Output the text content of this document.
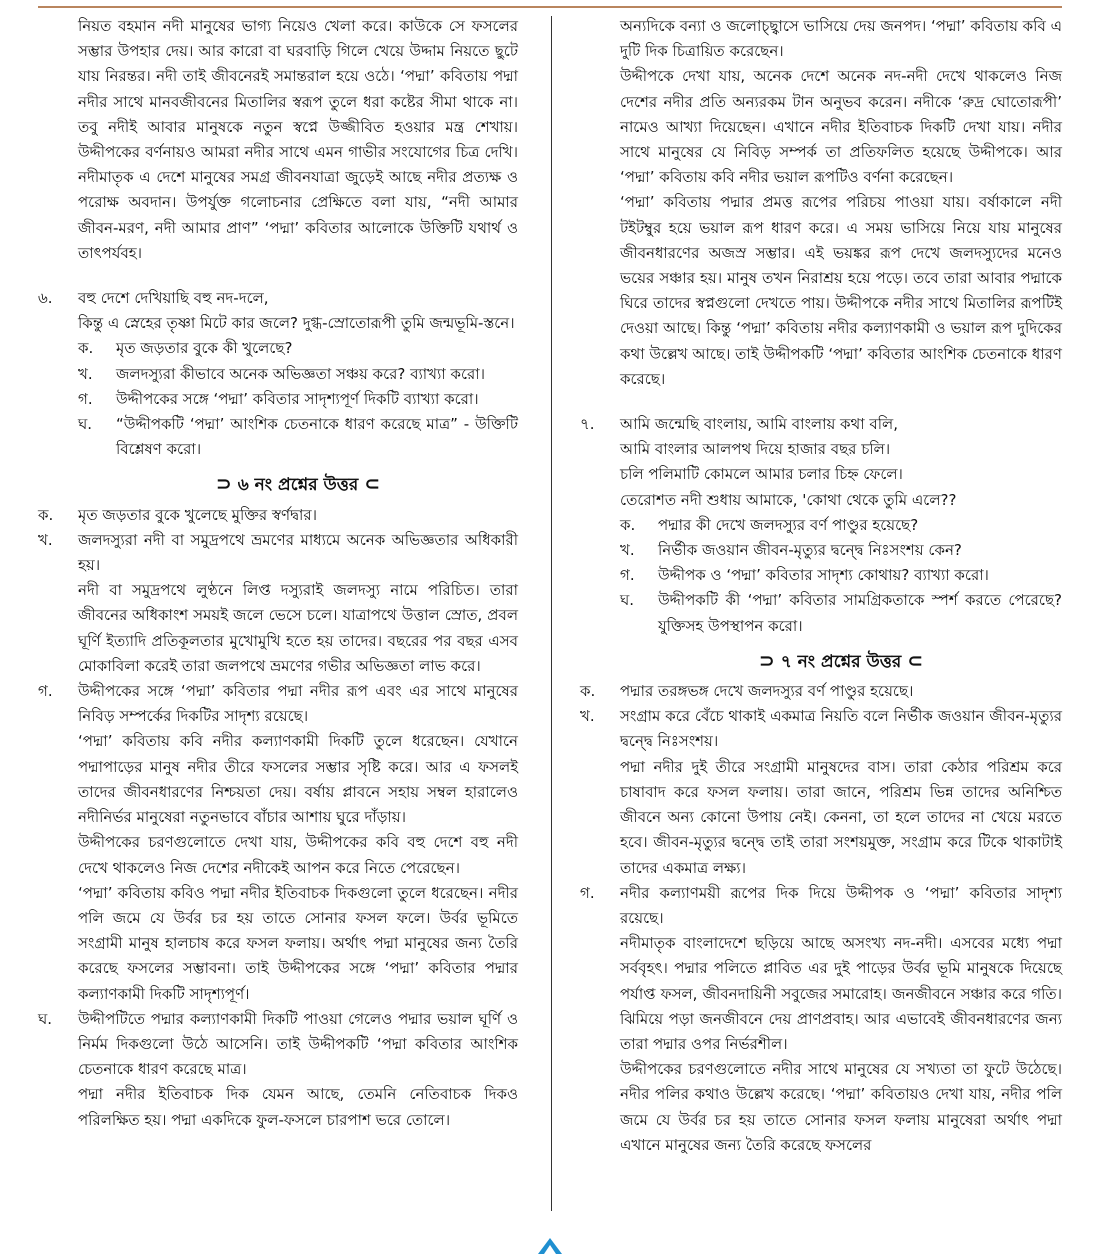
নিয়ত বহমান নদী মানুষের ভাগ্য নিয়েও খেলা করে। কাউকে সে ফসলের সম্ভার উপহার দেয়। আর কারো বা ঘরবাড়ি গিলে খেয়ে উদ্দাম নিয়তে ছুটে যায় নিরন্তর। নদী তাই জীবনেরই সমান্তরাল হয়ে ওঠে। ‘পদ্মা’ কবিতায় পদ্মা নদীর সাথে মানবজীবনের মিতালির স্বরূপ তুলে ধরা কষ্টের সীমা থাকে না। তবু নদীই আবার মানুষকে নতুন স্বপ্নে উজ্জীবিত হওয়ার মন্ত্র শেখায়। উদ্দীপকের বর্ণনায়ও আমরা নদীর সাথে এমন গাভীর সংযোগের চিত্র দেখি। নদীমাতৃক এ দেশে মানুষের সমগ্র জীবনযাত্রা জুড়েই আছে নদীর প্রত্যক্ষ ও পরোক্ষ অবদান। উপর্যুক্ত গলোচনার প্রেক্ষিতে বলা যায়, “নদী আমার জীবন-মরণ, নদী আমার প্রাণ” ‘পদ্মা’ কবিতার আলোকে উক্তিটি যথার্থ ও তাৎপর্যবহ।

৬.	বহু দেশে দেখিয়াছি বহু নদ-দলে,

কিন্তু এ স্নেহের তৃষ্ণা মিটে কার জলে? দুগ্ধ-স্রোতোরূপী তুমি জন্মভূমি-স্তনে।

ক.	মৃত জড়তার বুকে কী খুলেছে?
খ.	জলদস্যুরা কীভাবে অনেক অভিজ্ঞতা সঞ্চয় করে? ব্যাখ্যা করো।
গ.	উদ্দীপকের সঙ্গে ‘পদ্মা’ কবিতার সাদৃশ্যপূর্ণ দিকটি ব্যাখ্যা করো।
ঘ.	“উদ্দীপকটি ‘পদ্মা’ আংশিক চেতনাকে ধারণ করেছে মাত্র” - উক্তিটি বিশ্লেষণ করো।
⊃ ৬ নং প্রশ্নের উত্তর ⊂
ক.	মৃত জড়তার বুকে খুলেছে মুক্তির স্বর্ণদ্বার।
খ.	জলদস্যুরা নদী বা সমুদ্রপথে ভ্রমণের মাধ্যমে অনেক অভিজ্ঞতার অধিকারী হয়।

নদী বা সমুদ্রপথে লুণ্ঠনে লিপ্ত দস্যুরাই জলদস্যু নামে পরিচিত। তারা জীবনের অধিকাংশ সময়ই জলে ভেসে চলে। যাত্রাপথে উত্তাল স্রোত, প্রবল ঘূর্ণি ইত্যাদি প্রতিকূলতার মুখোমুখি হতে হয় তাদের। বছরের পর বছর এসব মোকাবিলা করেই তারা জলপথে ভ্রমণের গভীর অভিজ্ঞতা লাভ করে।

গ.	উদ্দীপকের সঙ্গে ‘পদ্মা’ কবিতার পদ্মা নদীর রূপ এবং এর সাথে মানুষের নিবিড় সম্পর্কের দিকটির সাদৃশ্য রয়েছে।

‘পদ্মা’ কবিতায় কবি নদীর কল্যাণকামী দিকটি তুলে ধরেছেন। যেখানে পদ্মাপাড়ের মানুষ নদীর তীরে ফসলের সম্ভার সৃষ্টি করে। আর এ ফসলই তাদের জীবনধারণের নিশ্চয়তা দেয়। বর্ষায় প্লাবনে সহায় সম্বল হারালেও নদীনির্ভর মানুষেরা নতুনভাবে বাঁচার আশায় ঘুরে দাঁড়ায়।

উদ্দীপকের চরণগুলোতে দেখা যায়, উদ্দীপকের কবি বহু দেশে বহু নদী দেখে থাকলেও নিজ দেশের নদীকেই আপন করে নিতে পেরেছেন।

‘পদ্মা’ কবিতায় কবিও পদ্মা নদীর ইতিবাচক দিকগুলো তুলে ধরেছেন। নদীর পলি জমে যে উর্বর চর হয় তাতে সোনার ফসল ফলে। উর্বর ভূমিতে সংগ্রামী মানুষ হালচাষ করে ফসল ফলায়। অর্থাৎ পদ্মা মানুষের জন্য তৈরি করেছে ফসলের সম্ভাবনা। তাই উদ্দীপকের সঙ্গে ‘পদ্মা’ কবিতার পদ্মার কল্যাণকামী দিকটি সাদৃশ্যপূর্ণ।

ঘ.	উদ্দীপটিতে পদ্মার কল্যাণকামী দিকটি পাওয়া গেলেও পদ্মার ভয়াল ঘূর্ণি ও নির্মম দিকগুলো উঠে আসেনি। তাই উদ্দীপকটি ‘পদ্মা কবিতার আংশিক চেতনাকে ধারণ করেছে মাত্র।

পদ্মা নদীর ইতিবাচক দিক যেমন আছে, তেমনি নেতিবাচক দিকও পরিলক্ষিত হয়। পদ্মা একদিকে ফুল-ফসলে চারপাশ ভরে তোলে।

অন্যদিকে বন্যা ও জলোচ্ছ্বাসে ভাসিয়ে দেয় জনপদ। ‘পদ্মা’ কবিতায় কবি এ দুটি দিক চিত্রায়িত করেছেন।

উদ্দীপকে দেখা যায়, অনেক দেশে অনেক নদ-নদী দেখে থাকলেও নিজ দেশের নদীর প্রতি অন্যরকম টান অনুভব করেন। নদীকে ‘রুদ্র ঘোতোরূপী’ নামেও আখ্যা দিয়েছেন। এখানে নদীর ইতিবাচক দিকটি দেখা যায়। নদীর সাথে মানুষের যে নিবিড় সম্পর্ক তা প্রতিফলিত হয়েছে উদ্দীপকে। আর ‘পদ্মা’ কবিতায় কবি নদীর ভয়াল রূপটিও বর্ণনা করেছেন।

‘পদ্মা’ কবিতায় পদ্মার প্রমত্ত রূপের পরিচয় পাওয়া যায়। বর্ষাকালে নদী টইটম্বুর হয়ে ভয়াল রূপ ধারণ করে। এ সময় ভাসিয়ে নিয়ে যায় মানুষের জীবনধারণের অজস্র সম্ভার। এই ভয়ঙ্কর রূপ দেখে জলদস্যুদের মনেও ভয়ের সঞ্চার হয়। মানুষ তখন নিরাশ্রয় হয়ে পড়ে। তবে তারা আবার পদ্মাকে ঘিরে তাদের স্বপ্নগুলো দেখতে পায়। উদ্দীপকে নদীর সাথে মিতালির রূপটিই দেওয়া আছে। কিন্তু ‘পদ্মা’ কবিতায় নদীর কল্যাণকামী ও ভয়াল রূপ দুদিকের কথা উল্লেখ আছে। তাই উদ্দীপকটি ‘পদ্মা’ কবিতার আংশিক চেতনাকে ধারণ করেছে।

৭.	আমি জন্মেছি বাংলায়, আমি বাংলায় কথা বলি,

আমি বাংলার আলপথ দিয়ে হাজার বছর চলি।

চলি পলিমাটি কোমলে আমার চলার চিহ্ন ফেলে।

তেরোশত নদী শুধায় আমাকে, 'কোথা থেকে তুমি এলে??

ক.	পদ্মার কী দেখে জলদস্যুর বর্ণ পাণ্ডুর হয়েছে?
খ.	নির্ভীক জওয়ান জীবন-মৃত্যুর দ্বন্দ্বে নিঃসংশয় কেন?
গ.	উদ্দীপক ও ‘পদ্মা’ কবিতার সাদৃশ্য কোথায়? ব্যাখ্যা করো।
ঘ.	উদ্দীপকটি কী ‘পদ্মা’ কবিতার সামগ্রিকতাকে স্পর্শ করতে পেরেছে? যুক্তিসহ উপস্থাপন করো।
⊃ ৭ নং প্রশ্নের উত্তর ⊂
ক.	পদ্মার তরঙ্গভঙ্গ দেখে জলদস্যুর বর্ণ পাণ্ডুর হয়েছে।
খ.	সংগ্রাম করে বেঁচে থাকাই একমাত্র নিয়তি বলে নির্ভীক জওয়ান জীবন-মৃত্যুর দ্বন্দ্বে নিঃসংশয়।

পদ্মা নদীর দুই তীরে সংগ্রামী মানুষদের বাস। তারা কেঠার পরিশ্রম করে চাষাবাদ করে ফসল ফলায়। তারা জানে, পরিশ্রম ভিন্ন তাদের অনিশ্চিত জীবনে অন্য কোনো উপায় নেই। কেননা, তা হলে তাদের না খেয়ে মরতে হবে। জীবন-মৃত্যুর দ্বন্দ্বে তাই তারা সংশয়মুক্ত, সংগ্রাম করে টিকে থাকাটাই তাদের একমাত্র লক্ষ্য।

গ.	নদীর কল্যাণময়ী রূপের দিক দিয়ে উদ্দীপক ও ‘পদ্মা’ কবিতার সাদৃশ্য রয়েছে।

নদীমাতৃক বাংলাদেশে ছড়িয়ে আছে অসংখ্য নদ-নদী। এসবের মধ্যে পদ্মা সর্ববৃহৎ। পদ্মার পলিতে প্লাবিত এর দুই পাড়ের উর্বর ভূমি মানুষকে দিয়েছে পর্যাপ্ত ফসল, জীবনদায়িনী সবুজের সমারোহ। জনজীবনে সঞ্চার করে গতি। ঝিমিয়ে পড়া জনজীবনে দেয় প্রাণপ্রবাহ। আর এভাবেই জীবনধারণের জন্য তারা পদ্মার ওপর নির্ভরশীল।

উদ্দীপকের চরণগুলোতে নদীর সাথে মানুষের যে সখ্যতা তা ফুটে উঠেছে। নদীর পলির কথাও উল্লেখ করেছে। ‘পদ্মা’ কবিতায়ও দেখা যায়, নদীর পলি জমে যে উর্বর চর হয় তাতে সোনার ফসল ফলায় মানুষেরা অর্থাৎ পদ্মা এখানে মানুষের জন্য তৈরি করেছে ফসলের
